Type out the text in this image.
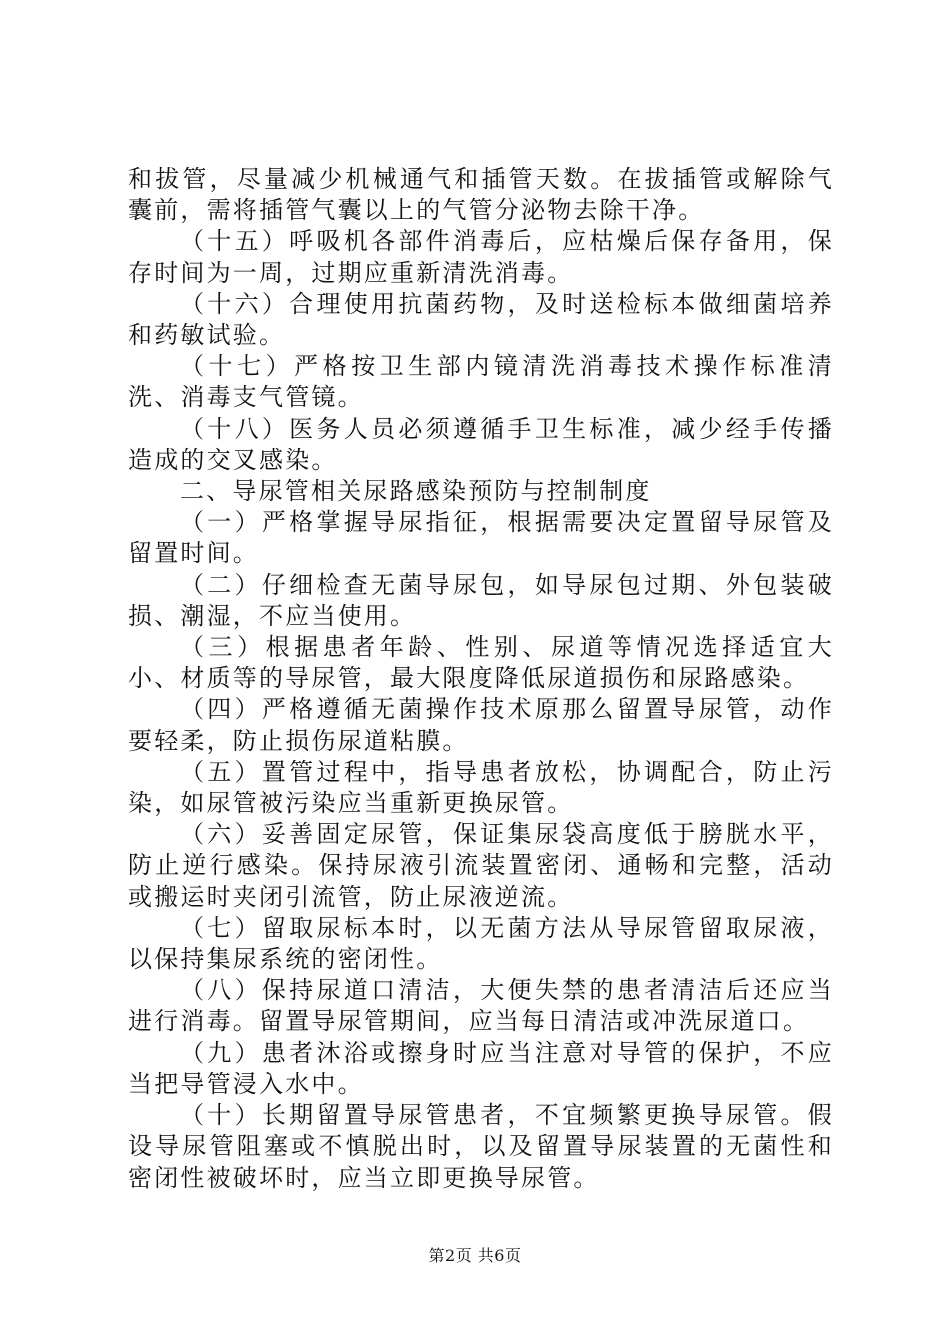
和拔管，尽量减少机械通气和插管天数。在拔插管或解除气囊前，需将插管气囊以上的气管分泌物去除干净。

（十五）呼吸机各部件消毒后，应枯燥后保存备用，保存时间为一周，过期应重新清洗消毒。

（十六）合理使用抗菌药物，及时送检标本做细菌培养和药敏试验。

（十七）严格按卫生部内镜清洗消毒技术操作标准清洗、消毒支气管镜。

（十八）医务人员必须遵循手卫生标准，减少经手传播造成的交叉感染。

二、导尿管相关尿路感染预防与控制制度

（一）严格掌握导尿指征，根据需要决定置留导尿管及留置时间。

（二）仔细检查无菌导尿包，如导尿包过期、外包装破损、潮湿，不应当使用。

（三）根据患者年龄、性别、尿道等情况选择适宜大小、材质等的导尿管，最大限度降低尿道损伤和尿路感染。

（四）严格遵循无菌操作技术原那么留置导尿管，动作要轻柔，防止损伤尿道粘膜。

（五）置管过程中，指导患者放松，协调配合，防止污染，如尿管被污染应当重新更换尿管。

（六）妥善固定尿管，保证集尿袋高度低于膀胱水平，防止逆行感染。保持尿液引流装置密闭、通畅和完整，活动或搬运时夹闭引流管，防止尿液逆流。

（七）留取尿标本时，以无菌方法从导尿管留取尿液，以保持集尿系统的密闭性。

（八）保持尿道口清洁，大便失禁的患者清洁后还应当进行消毒。留置导尿管期间，应当每日清洁或冲洗尿道口。

（九）患者沐浴或擦身时应当注意对导管的保护，不应当把导管浸入水中。

（十）长期留置导尿管患者，不宜频繁更换导尿管。假设导尿管阻塞或不慎脱出时，以及留置导尿装置的无菌性和密闭性被破坏时，应当立即更换导尿管。

第2页 共6页
